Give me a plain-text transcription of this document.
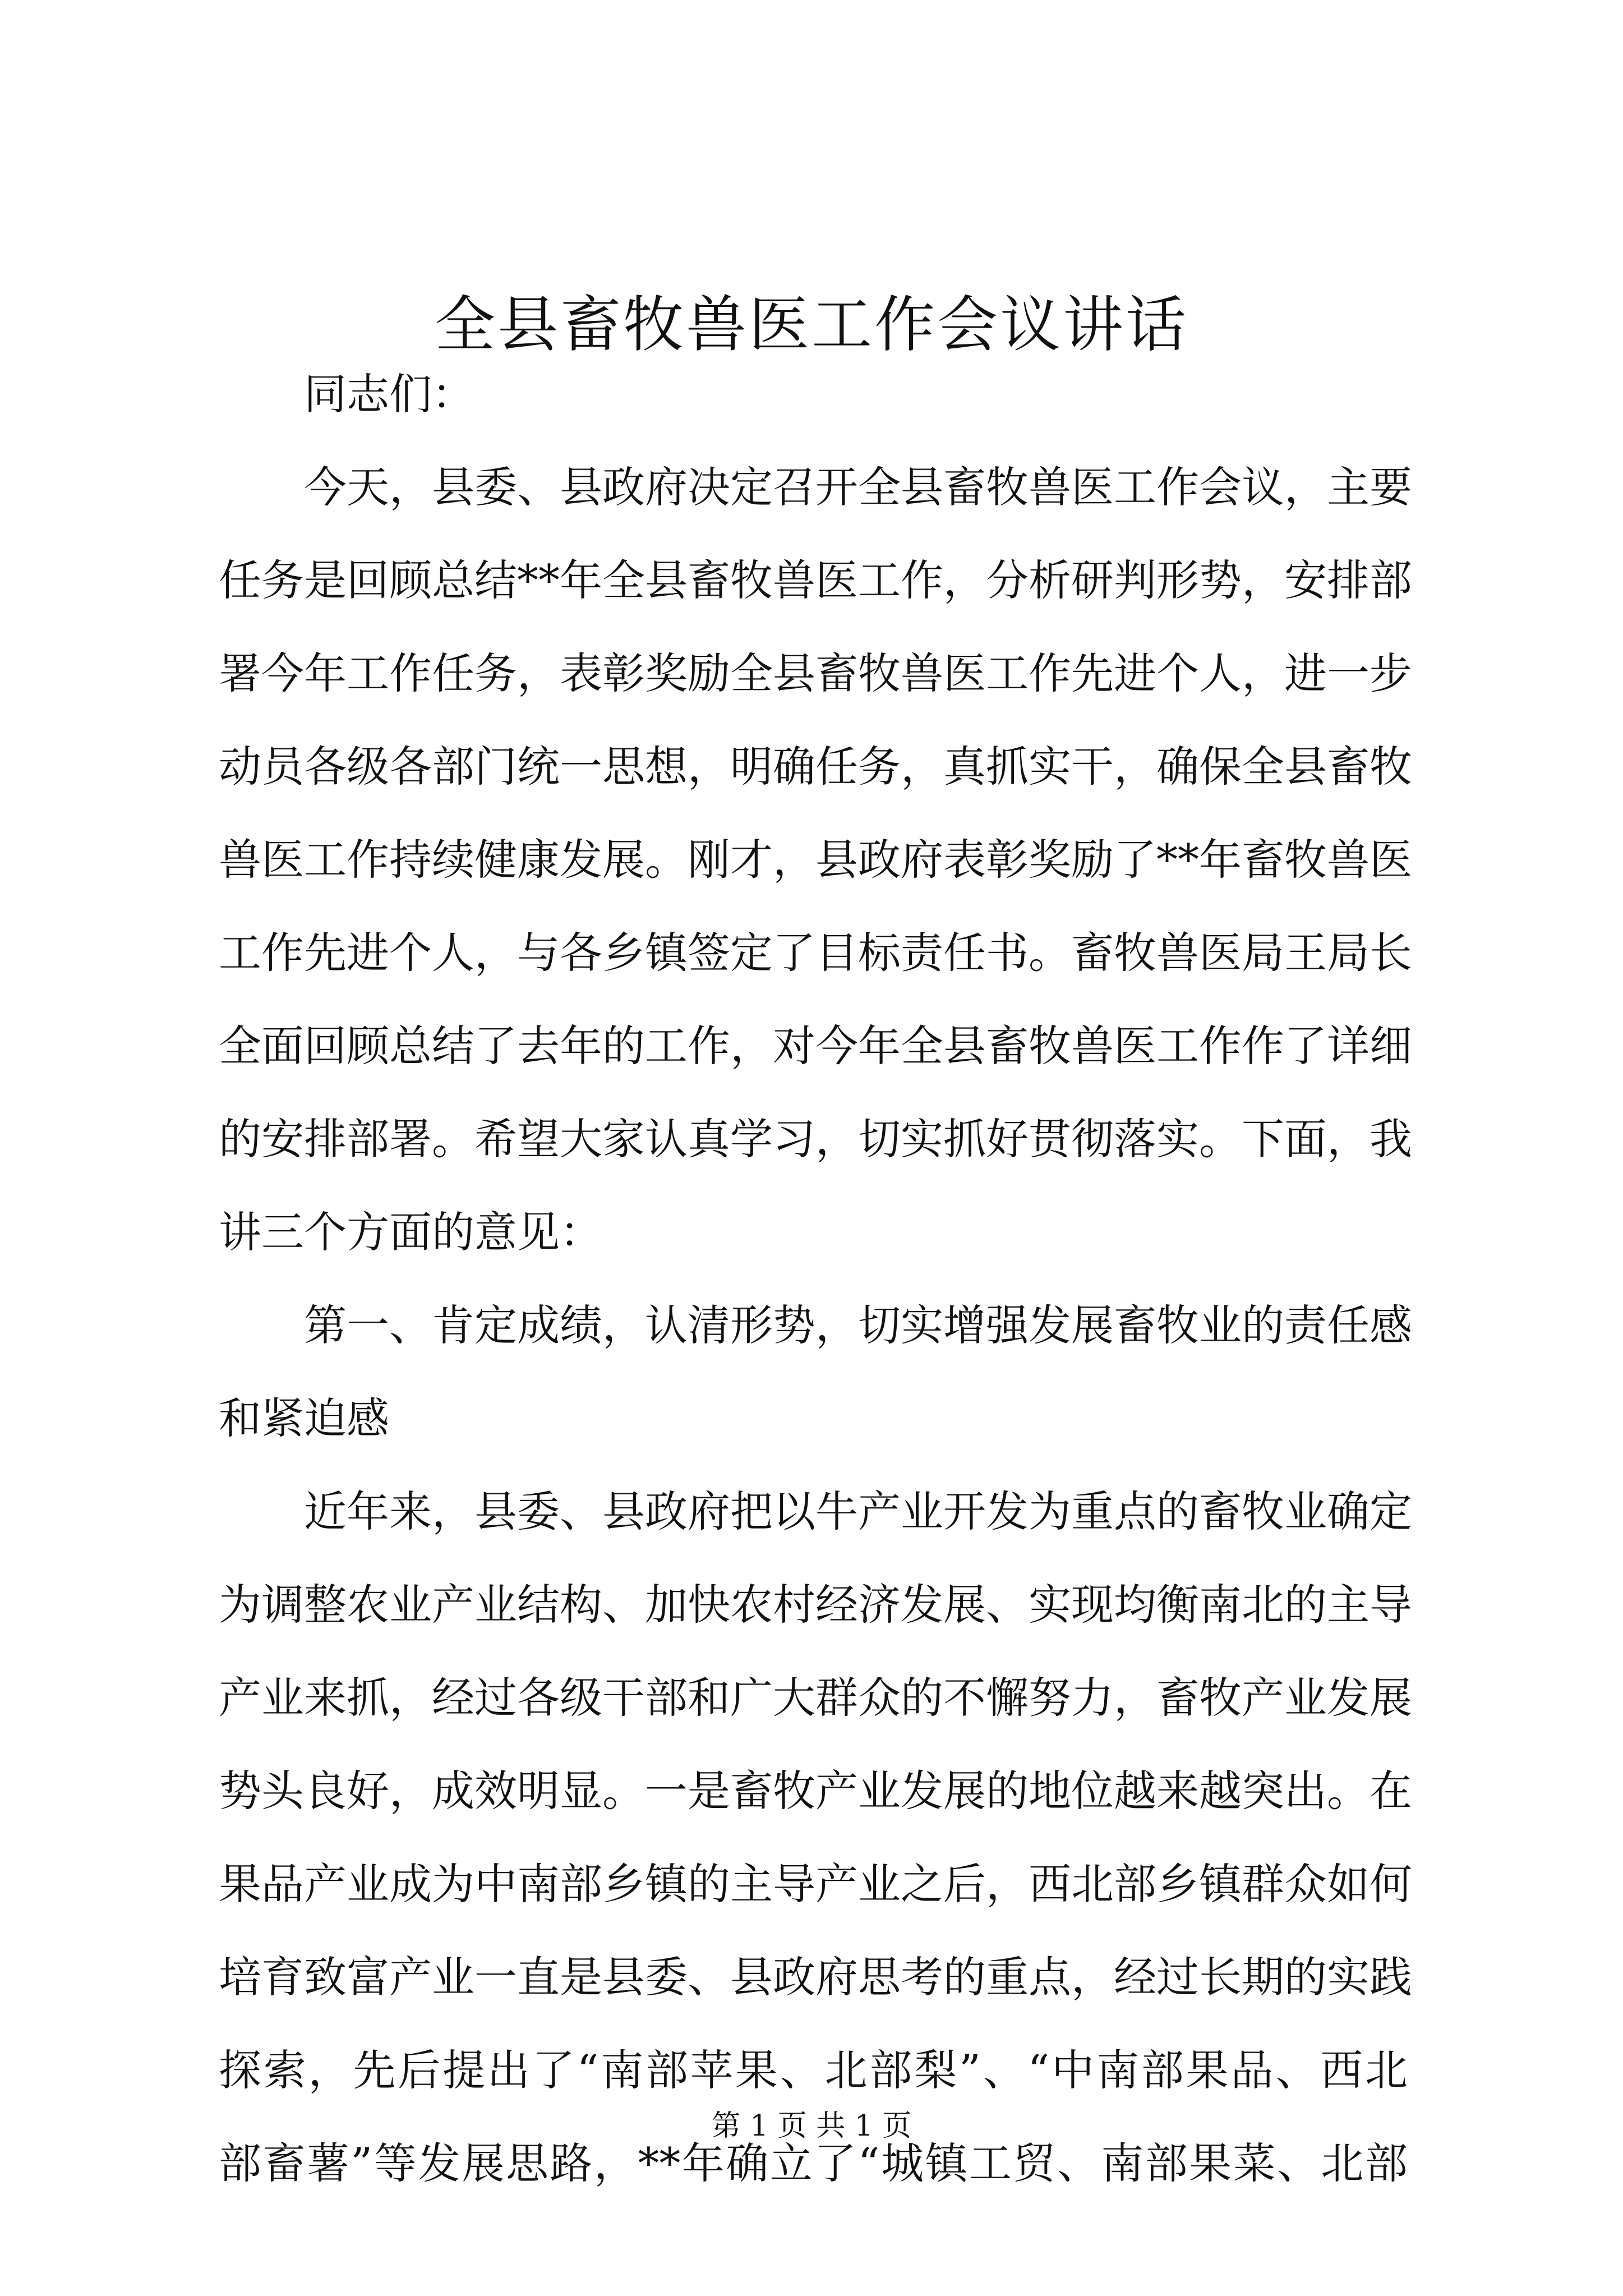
全县畜牧兽医工作会议讲话
同志们：
今天，县委、县政府决定召开全县畜牧兽医工作会议，主要
任务是回顾总结**年全县畜牧兽医工作，分析研判形势，安排部
署今年工作任务，表彰奖励全县畜牧兽医工作先进个人，进一步
动员各级各部门统一思想，明确任务，真抓实干，确保全县畜牧
兽医工作持续健康发展。刚才，县政府表彰奖励了**年畜牧兽医
工作先进个人，与各乡镇签定了目标责任书。畜牧兽医局王局长
全面回顾总结了去年的工作，对今年全县畜牧兽医工作作了详细
的安排部署。希望大家认真学习，切实抓好贯彻落实。下面，我
讲三个方面的意见：
第一、肯定成绩，认清形势，切实增强发展畜牧业的责任感
和紧迫感
近年来，县委、县政府把以牛产业开发为重点的畜牧业确定
为调整农业产业结构、加快农村经济发展、实现均衡南北的主导
产业来抓，经过各级干部和广大群众的不懈努力，畜牧产业发展
势头良好，成效明显。一是畜牧产业发展的地位越来越突出。在
果品产业成为中南部乡镇的主导产业之后，西北部乡镇群众如何
培育致富产业一直是县委、县政府思考的重点，经过长期的实践
探索，先后提出了“南部苹果、北部梨”、“中南部果品、西北
部畜薯”等发展思路，**年确立了“城镇工贸、南部果菜、北部
第 1 页 共 1 页
